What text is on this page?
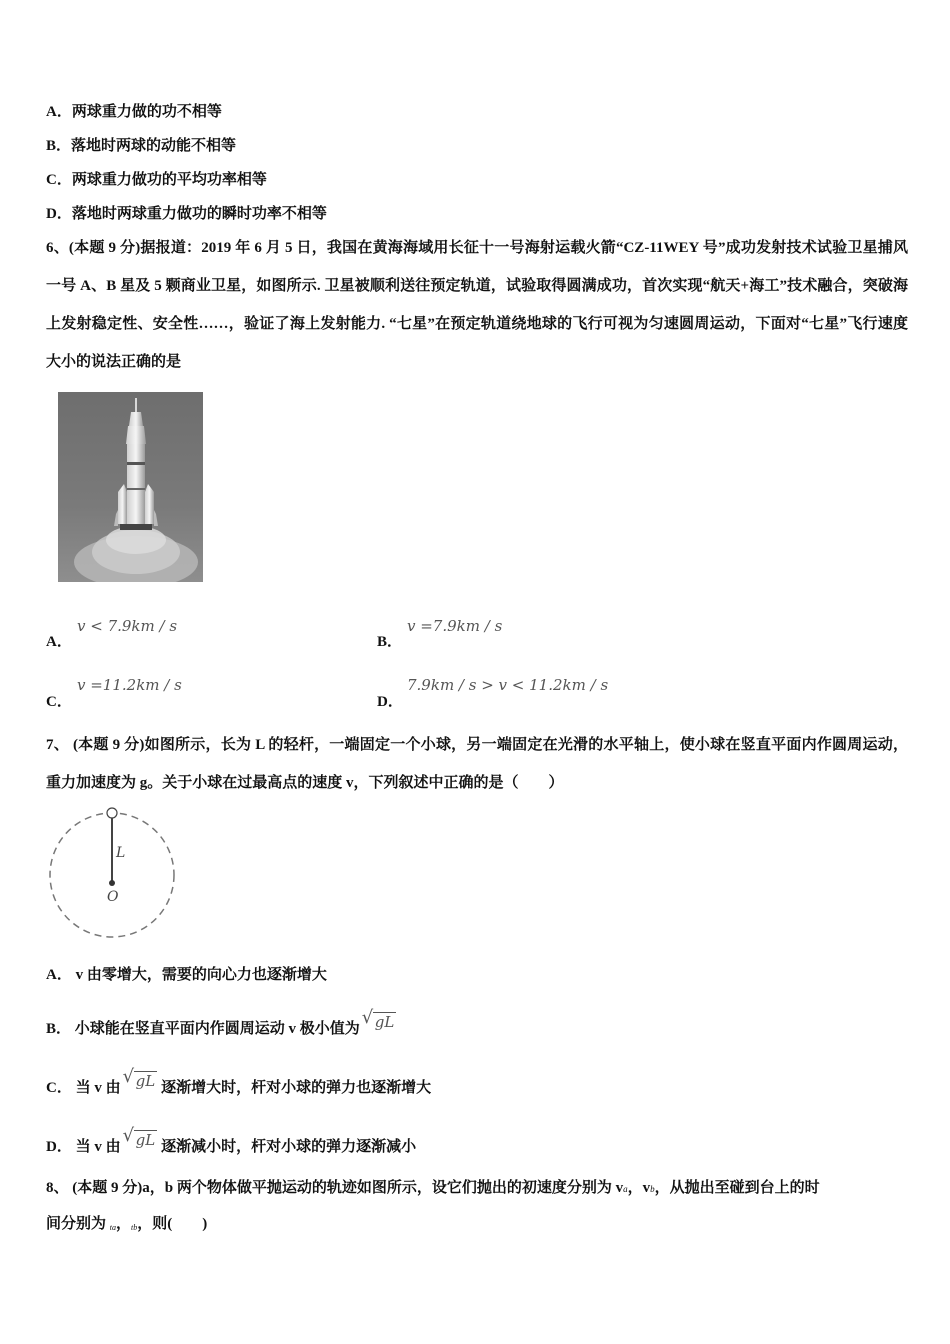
A．两球重力做的功不相等
B．落地时两球的动能不相等
C．两球重力做功的平均功率相等
D．落地时两球重力做功的瞬时功率不相等
6、(本题 9 分)据报道：2019 年 6 月 5 日，我国在黄海海域用长征十一号海射运载火箭“CZ-11WEY 号”成功发射技术试验卫星捕风一号 A、B 星及 5 颗商业卫星，如图所示. 卫星被顺利送往预定轨道，试验取得圆满成功，首次实现“航天+海工”技术融合，突破海上发射稳定性、安全性……，验证了海上发射能力. “七星”在预定轨道绕地球的飞行可视为匀速圆周运动，下面对“七星”飞行速度大小的说法正确的是
A．
v < 7.9km / s
B．
v =7.9km / s
C．
v =11.2km / s
D．
7.9km / s > v < 11.2km / s
7、 (本题 9 分)如图所示，长为 L 的轻杆，一端固定一个小球，另一端固定在光滑的水平轴上，使小球在竖直平面内作圆周运动，重力加速度为 g。关于小球在过最高点的速度 v，下列叙述中正确的是（　　）
L
O
A． v 由零增大，需要的向心力也逐渐增大
B． 小球能在竖直平面内作圆周运动 v 极小值为
√ gL
C． 当 v 由
√ gL 逐渐增大时，杆对小球的弹力也逐渐增大
D． 当 v 由
√ gL 逐渐减小时，杆对小球的弹力逐渐减小
8、 (本题 9 分)a，b 两个物体做平抛运动的轨迹如图所示，设它们抛出的初速度分别为 va，vb，从抛出至碰到台上的时
间分别为 ta，tb，则(　　)
